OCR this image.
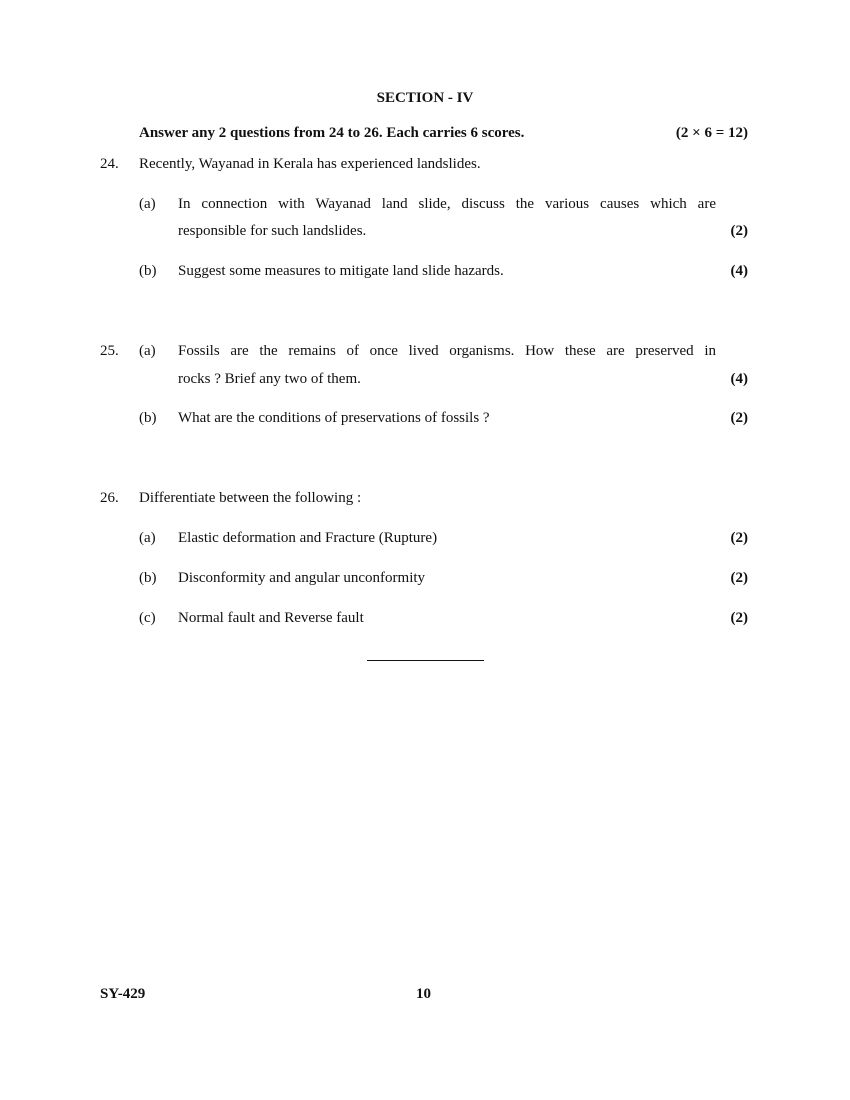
SECTION - IV
Answer any 2 questions from 24 to 26. Each carries 6 scores.	(2 × 6 = 12)
24. Recently, Wayanad in Kerala has experienced landslides.
(a) In connection with Wayanad land slide, discuss the various causes which are
responsible for such landslides.	(2)
(b) Suggest some measures to mitigate land slide hazards.	(4)
25. (a) Fossils are the remains of once lived organisms. How these are preserved in
rocks ? Brief any two of them.	(4)
(b) What are the conditions of preservations of fossils ?	(2)
26. Differentiate between the following :
(a) Elastic deformation and Fracture (Rupture)	(2)
(b) Disconformity and angular unconformity	(2)
(c) Normal fault and Reverse fault	(2)
SY-429	10
